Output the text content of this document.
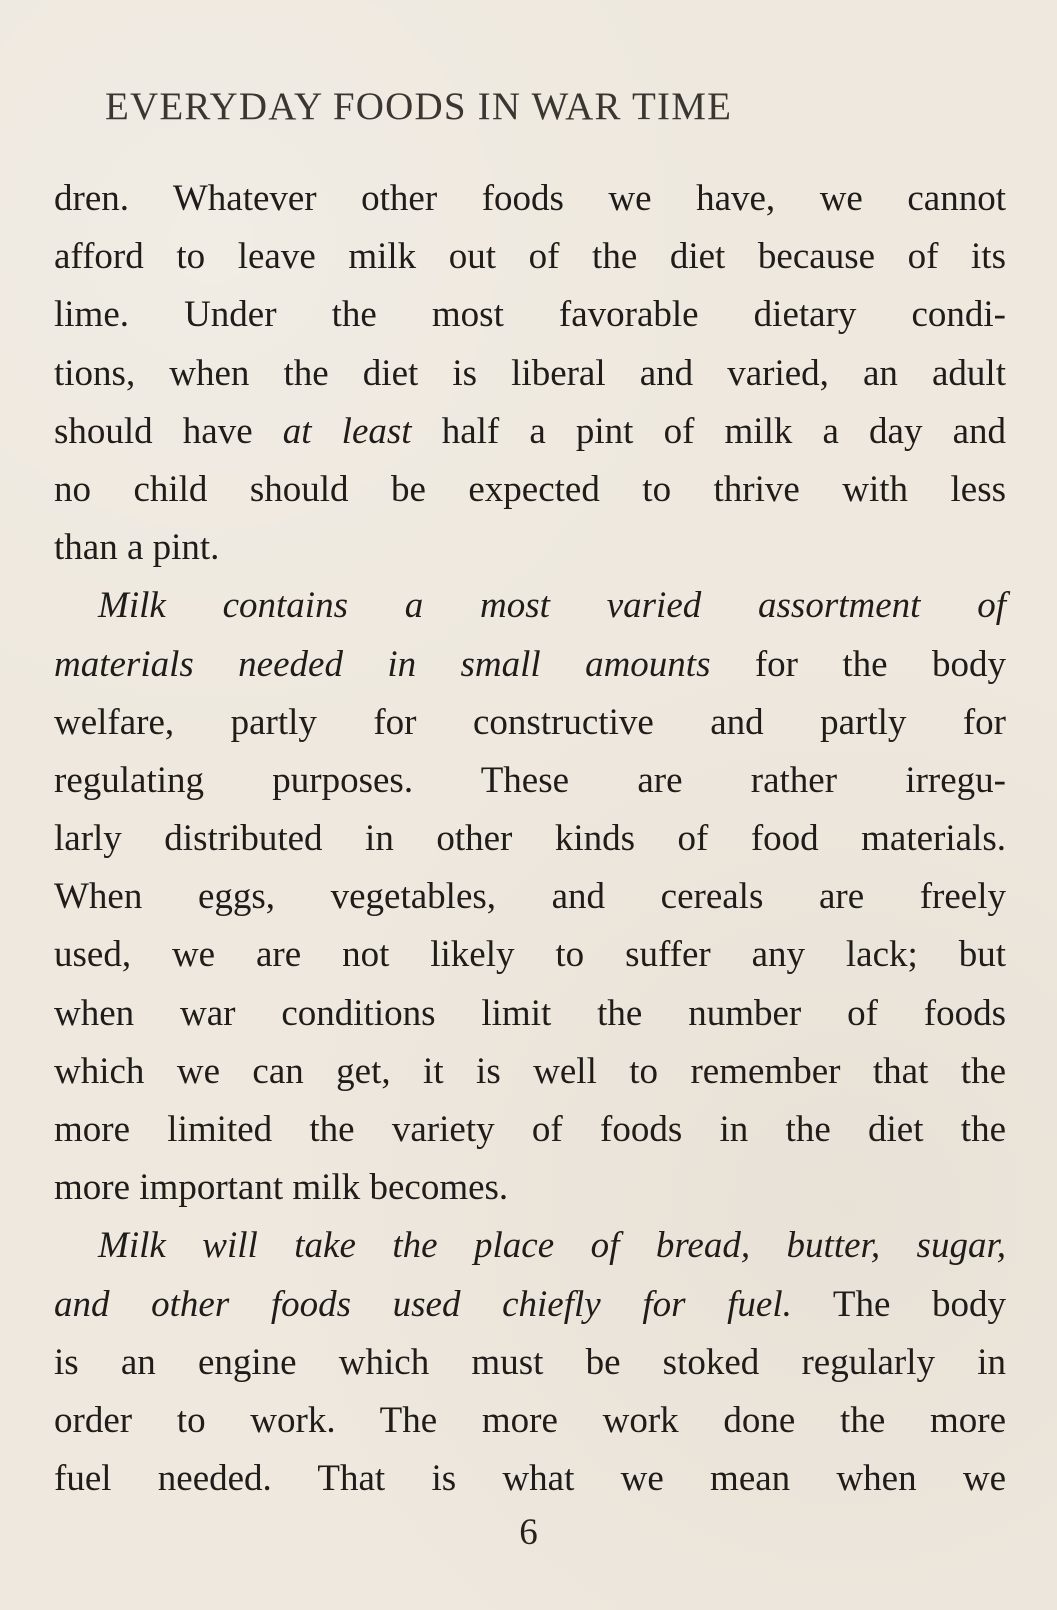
EVERYDAY FOODS IN WAR TIME
dren. Whatever other foods we have, we cannot
afford to leave milk out of the diet because of its
lime. Under the most favorable dietary condi-
tions, when the diet is liberal and varied, an adult
should have at least half a pint of milk a day and
no child should be expected to thrive with less
than a pint.
Milk contains a most varied assortment of
materials needed in small amounts for the body
welfare, partly for constructive and partly for
regulating purposes. These are rather irregu-
larly distributed in other kinds of food materials.
When eggs, vegetables, and cereals are freely
used, we are not likely to suffer any lack; but
when war conditions limit the number of foods
which we can get, it is well to remember that the
more limited the variety of foods in the diet the
more important milk becomes.
Milk will take the place of bread, butter, sugar,
and other foods used chiefly for fuel. The body
is an engine which must be stoked regularly in
order to work. The more work done the more
fuel needed. That is what we mean when we
6
